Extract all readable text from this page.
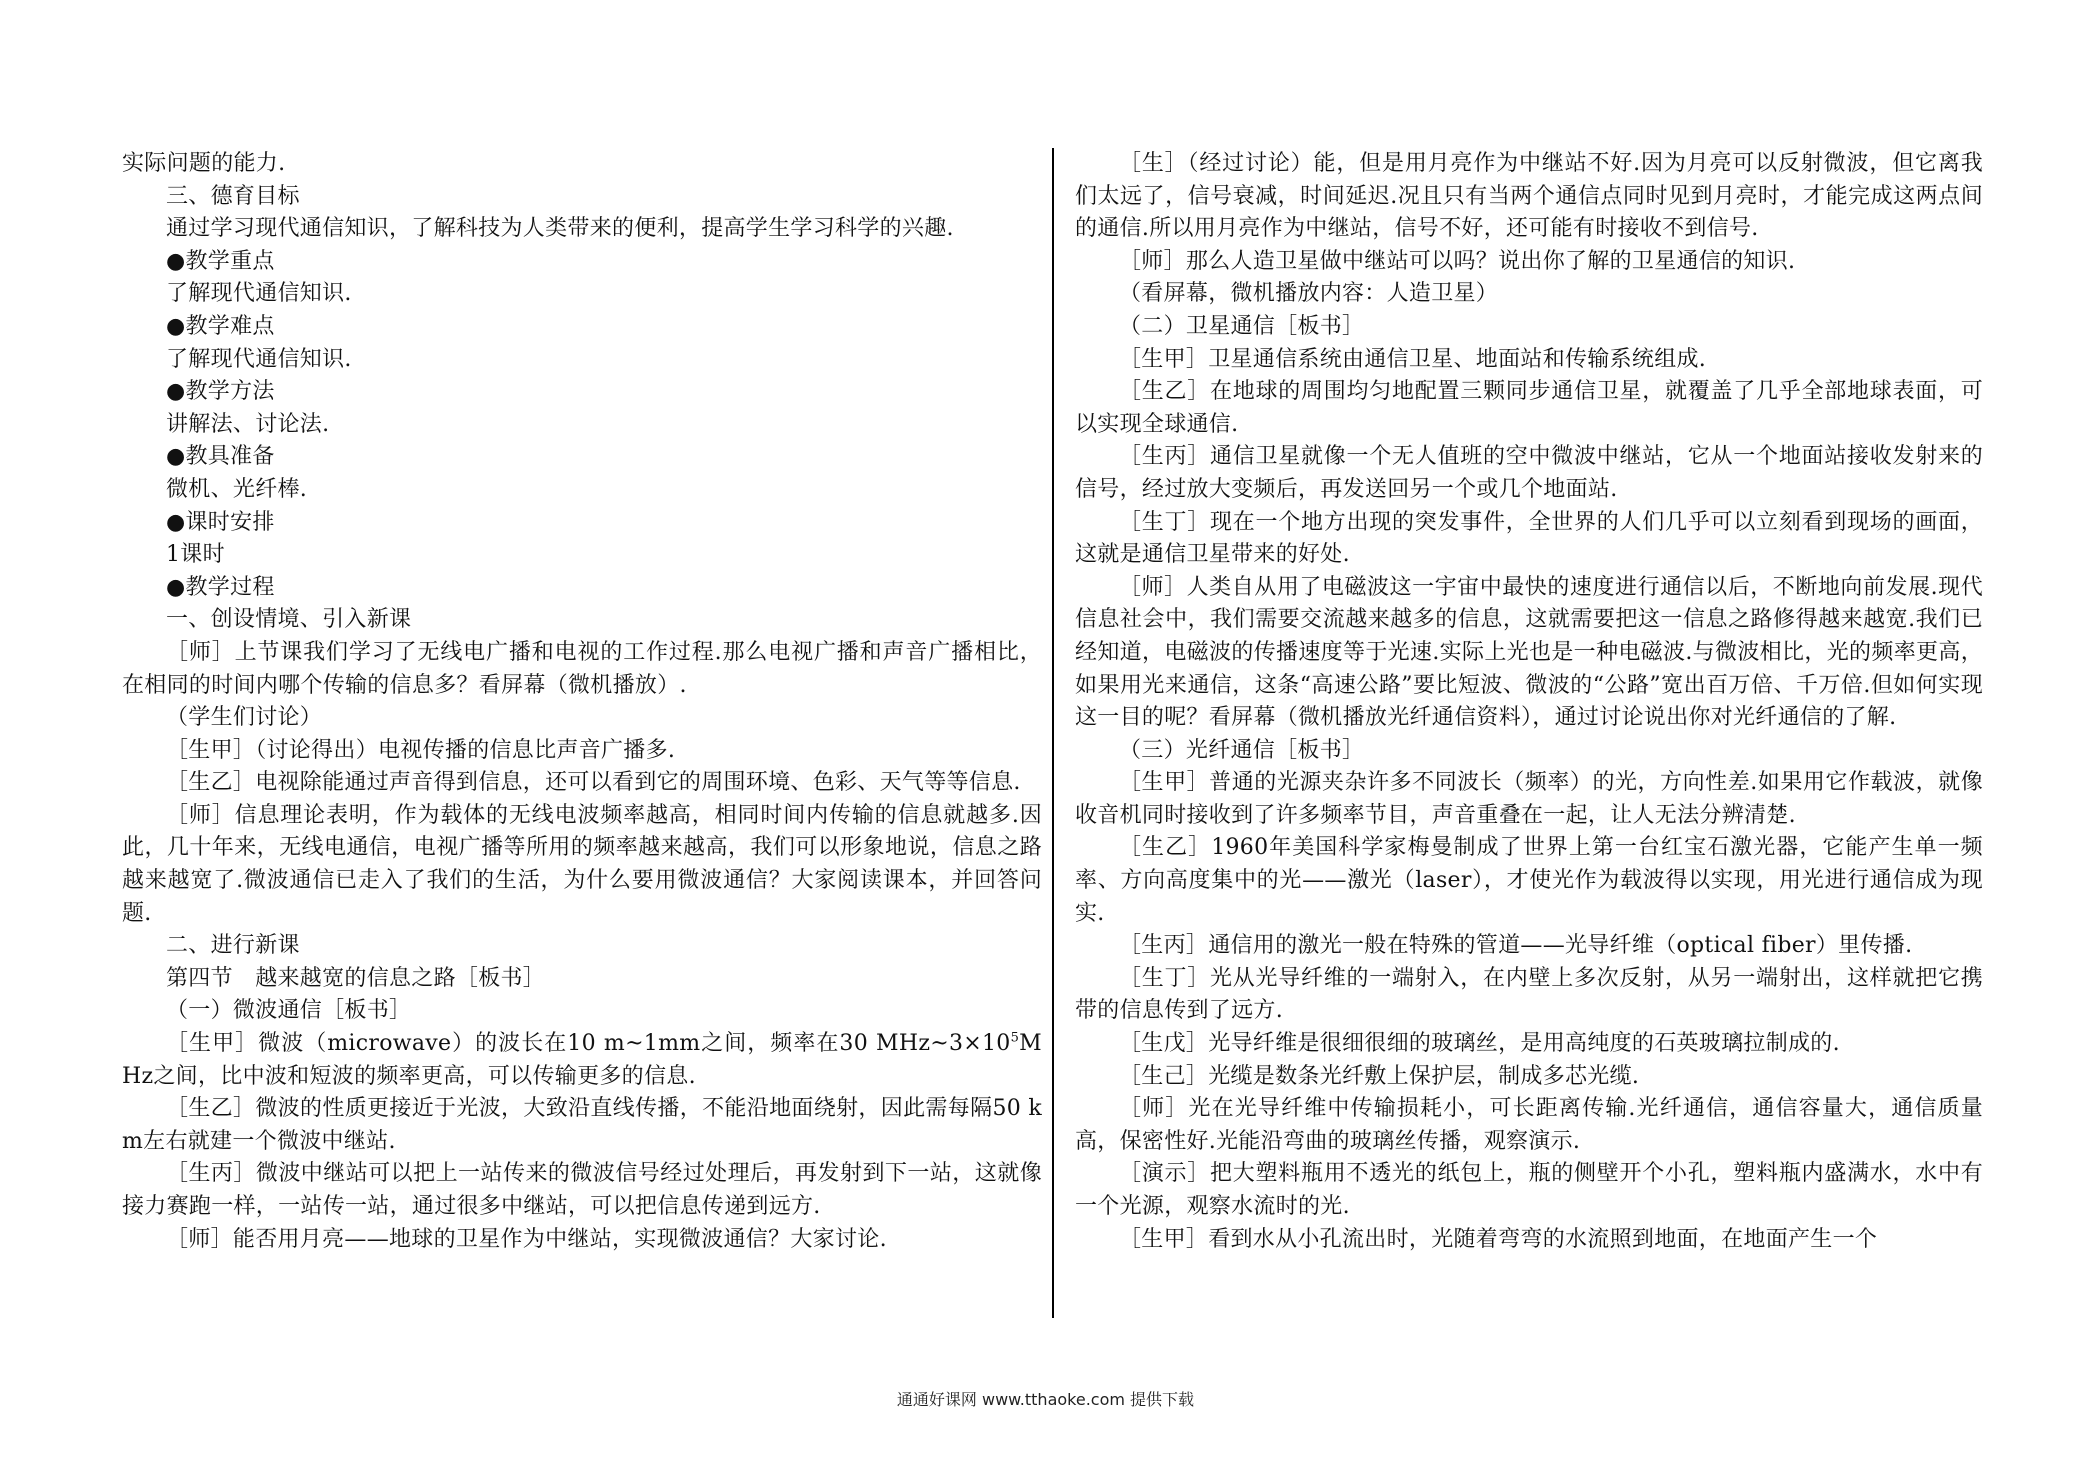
实际问题的能力.

三、德育目标

通过学习现代通信知识，了解科技为人类带来的便利，提高学生学习科学的兴趣.

●教学重点

了解现代通信知识.

●教学难点

了解现代通信知识.

●教学方法

讲解法、讨论法.

●教具准备

微机、光纤棒.

●课时安排

1课时

●教学过程

一、创设情境、引入新课

［师］上节课我们学习了无线电广播和电视的工作过程.那么电视广播和声音广播相比，在相同的时间内哪个传输的信息多？看屏幕（微机播放）.

（学生们讨论）

［生甲］（讨论得出）电视传播的信息比声音广播多.

［生乙］电视除能通过声音得到信息，还可以看到它的周围环境、色彩、天气等等信息.

［师］信息理论表明，作为载体的无线电波频率越高，相同时间内传输的信息就越多.因此，几十年来，无线电通信，电视广播等所用的频率越来越高，我们可以形象地说，信息之路越来越宽了.微波通信已走入了我们的生活，为什么要用微波通信？大家阅读课本，并回答问题.

二、进行新课

第四节　越来越宽的信息之路［板书］

（一）微波通信［板书］

［生甲］微波（microwave）的波长在10 m~1mm之间，频率在30 $MHz\sim 3\times 10^5MHz$之间，比中波和短波的频率更高，可以传输更多的信息.

［生乙］微波的性质更接近于光波，大致沿直线传播，不能沿地面绕射，因此需每隔50 km左右就建一个微波中继站.

［生丙］微波中继站可以把上一站传来的微波信号经过处理后，再发射到下一站，这就像接力赛跑一样，一站传一站，通过很多中继站，可以把信息传递到远方.

［师］能否用月亮——地球的卫星作为中继站，实现微波通信？大家讨论.

［生］（经过讨论）能，但是用月亮作为中继站不好.因为月亮可以反射微波，但它离我们太远了，信号衰减，时间延迟.况且只有当两个通信点同时见到月亮时，才能完成这两点间的通信.所以用月亮作为中继站，信号不好，还可能有时接收不到信号.

［师］那么人造卫星做中继站可以吗？说出你了解的卫星通信的知识.

（看屏幕，微机播放内容：人造卫星）

（二）卫星通信［板书］

［生甲］卫星通信系统由通信卫星、地面站和传输系统组成.

［生乙］在地球的周围均匀地配置三颗同步通信卫星，就覆盖了几乎全部地球表面，可以实现全球通信.

［生丙］通信卫星就像一个无人值班的空中微波中继站，它从一个地面站接收发射来的信号，经过放大变频后，再发送回另一个或几个地面站.

［生丁］现在一个地方出现的突发事件，全世界的人们几乎可以立刻看到现场的画面，这就是通信卫星带来的好处.

［师］人类自从用了电磁波这一宇宙中最快的速度进行通信以后，不断地向前发展.现代信息社会中，我们需要交流越来越多的信息，这就需要把这一信息之路修得越来越宽.我们已经知道，电磁波的传播速度等于光速.实际上光也是一种电磁波.与微波相比，光的频率更高，如果用光来通信，这条“高速公路”要比短波、微波的“公路”宽出百万倍、千万倍.但如何实现这一目的呢？看屏幕（微机播放光纤通信资料），通过讨论说出你对光纤通信的了解.

（三）光纤通信［板书］

［生甲］普通的光源夹杂许多不同波长（频率）的光，方向性差.如果用它作载波，就像收音机同时接收到了许多频率节目，声音重叠在一起，让人无法分辨清楚.

［生乙］1960年美国科学家梅曼制成了世界上第一台红宝石激光器，它能产生单一频率、方向高度集中的光——激光（laser），才使光作为载波得以实现，用光进行通信成为现实.

［生丙］通信用的激光一般在特殊的管道——光导纤维（optical fiber）里传播.

［生丁］光从光导纤维的一端射入，在内壁上多次反射，从另一端射出，这样就把它携带的信息传到了远方.

［生戊］光导纤维是很细很细的玻璃丝，是用高纯度的石英玻璃拉制成的.

［生己］光缆是数条光纤敷上保护层，制成多芯光缆.

［师］光在光导纤维中传输损耗小，可长距离传输.光纤通信，通信容量大，通信质量高，保密性好.光能沿弯曲的玻璃丝传播，观察演示.

［演示］把大塑料瓶用不透光的纸包上，瓶的侧壁开个小孔，塑料瓶内盛满水，水中有一个光源，观察水流时的光.

［生甲］看到水从小孔流出时，光随着弯弯的水流照到地面，在地面产生一个

通通好课网 www.tthaoke.com 提供下载
